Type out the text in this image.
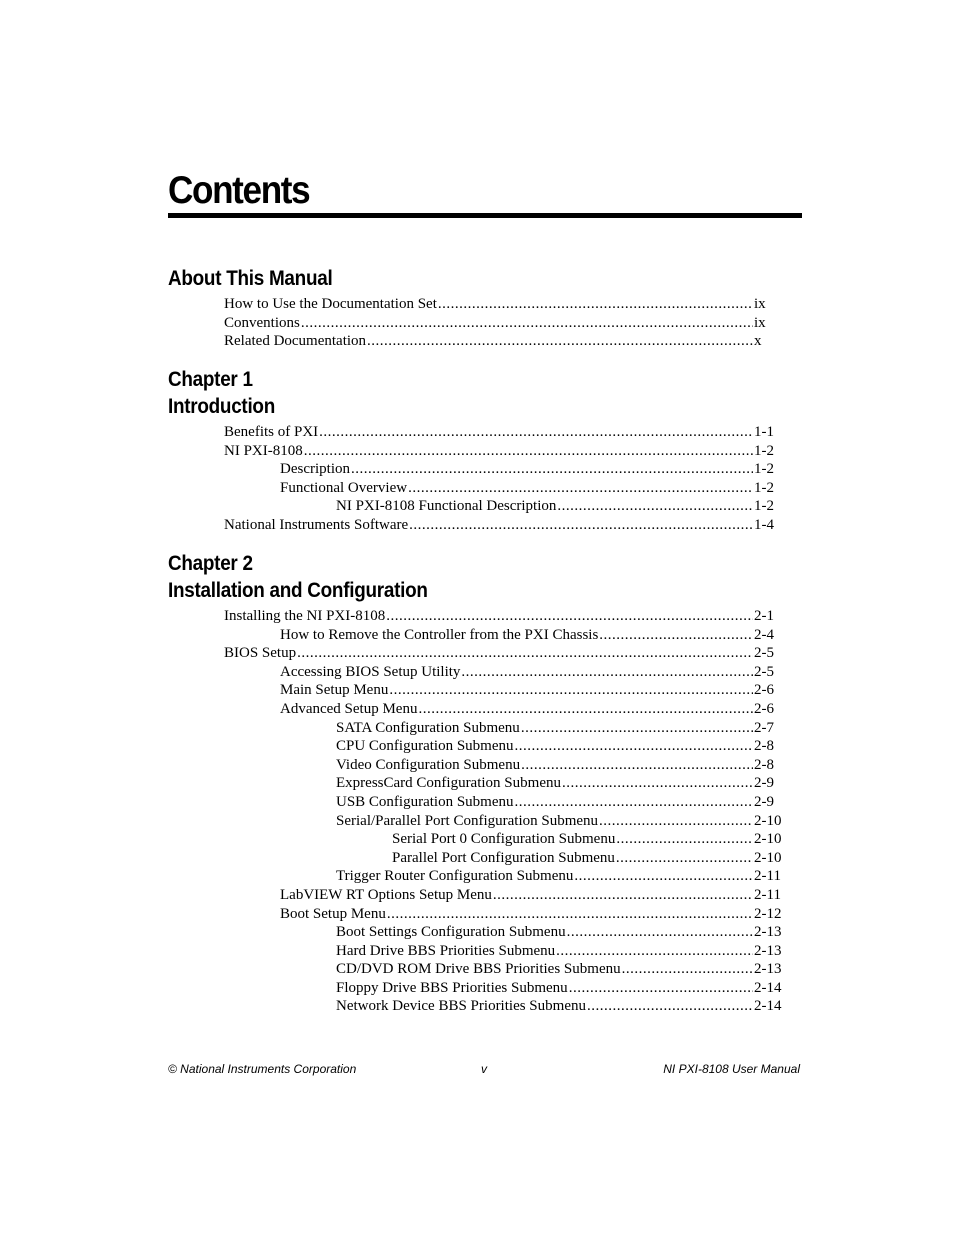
Contents
About This Manual
How to Use the Documentation Set .....	ix
Conventions .....	ix
Related Documentation .....	x
Chapter 1
Introduction
Benefits of PXI .....	1-1
NI PXI-8108 .....	1-2
Description .....	1-2
Functional Overview .....	1-2
NI PXI-8108 Functional Description .....	1-2
National Instruments Software .....	1-4
Chapter 2
Installation and Configuration
Installing the NI PXI-8108 .....	2-1
How to Remove the Controller from the PXI Chassis .....	2-4
BIOS Setup .....	2-5
Accessing BIOS Setup Utility .....	2-5
Main Setup Menu .....	2-6
Advanced Setup Menu .....	2-6
SATA Configuration Submenu .....	2-7
CPU Configuration Submenu .....	2-8
Video Configuration Submenu .....	2-8
ExpressCard Configuration Submenu .....	2-9
USB Configuration Submenu .....	2-9
Serial/Parallel Port Configuration Submenu .....	2-10
Serial Port 0 Configuration Submenu .....	2-10
Parallel Port Configuration Submenu .....	2-10
Trigger Router Configuration Submenu .....	2-11
LabVIEW RT Options Setup Menu .....	2-11
Boot Setup Menu .....	2-12
Boot Settings Configuration Submenu .....	2-13
Hard Drive BBS Priorities Submenu .....	2-13
CD/DVD ROM Drive BBS Priorities Submenu .....	2-13
Floppy Drive BBS Priorities Submenu .....	2-14
Network Device BBS Priorities Submenu .....	2-14
© National Instruments Corporation	v	NI PXI-8108 User Manual
